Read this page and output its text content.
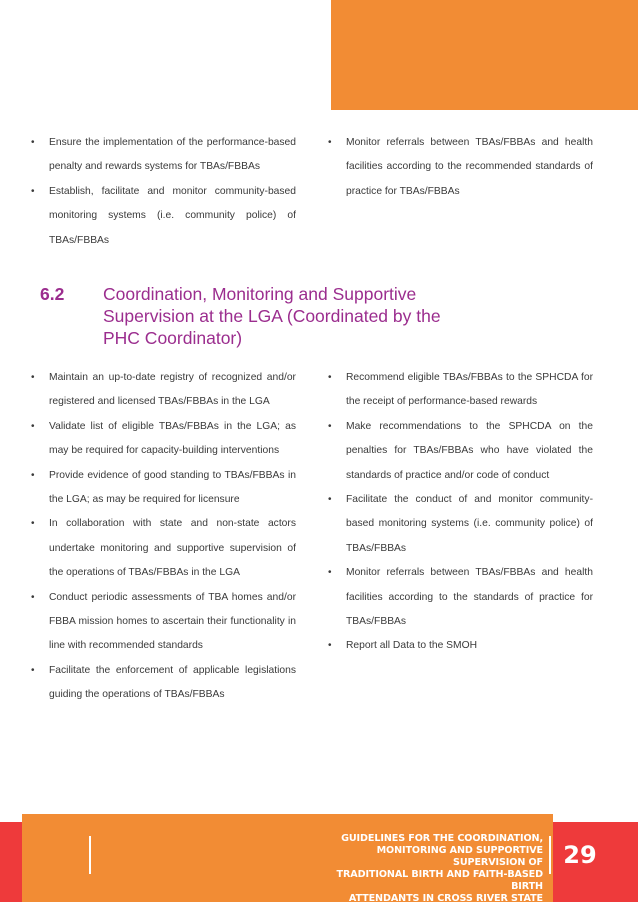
• Ensure the implementation of the performance-based penalty and rewards systems for TBAs/FBBAs
• Establish, facilitate and monitor community-based monitoring systems (i.e. community police) of TBAs/FBBAs
• Monitor referrals between TBAs/FBBAs and health facilities according to the recommended standards of practice for TBAs/FBBAs
6.2 Coordination, Monitoring and Supportive
Supervision at the LGA (Coordinated by the
PHC Coordinator)
• Maintain an up-to-date registry of recognized and/or registered and licensed TBAs/FBBAs in the LGA
• Validate list of eligible TBAs/FBBAs in the LGA; as may be required for capacity-building interventions
• Provide evidence of good standing to TBAs/FBBAs in the LGA; as may be required for licensure
• In collaboration with state and non-state actors undertake monitoring and supportive supervision of the operations of TBAs/FBBAs in the LGA
• Conduct periodic assessments of TBA homes and/or FBBA mission homes to ascertain their functionality in line with recommended standards
• Facilitate the enforcement of applicable legislations guiding the operations of TBAs/FBBAs
• Recommend eligible TBAs/FBBAs to the SPHCDA for the receipt of performance-based rewards
• Make recommendations to the SPHCDA on the penalties for TBAs/FBBAs who have violated the standards of practice and/or code of conduct
• Facilitate the conduct of and monitor community-based monitoring systems (i.e. community police) of TBAs/FBBAs
• Monitor referrals between TBAs/FBBAs and health facilities according to the standards of practice for TBAs/FBBAs
• Report all Data to the SMOH
GUIDELINES FOR THE COORDINATION,
MONITORING AND SUPPORTIVE SUPERVISION OF
TRADITIONAL BIRTH AND FAITH-BASED BIRTH
ATTENDANTS IN CROSS RIVER STATE
29
